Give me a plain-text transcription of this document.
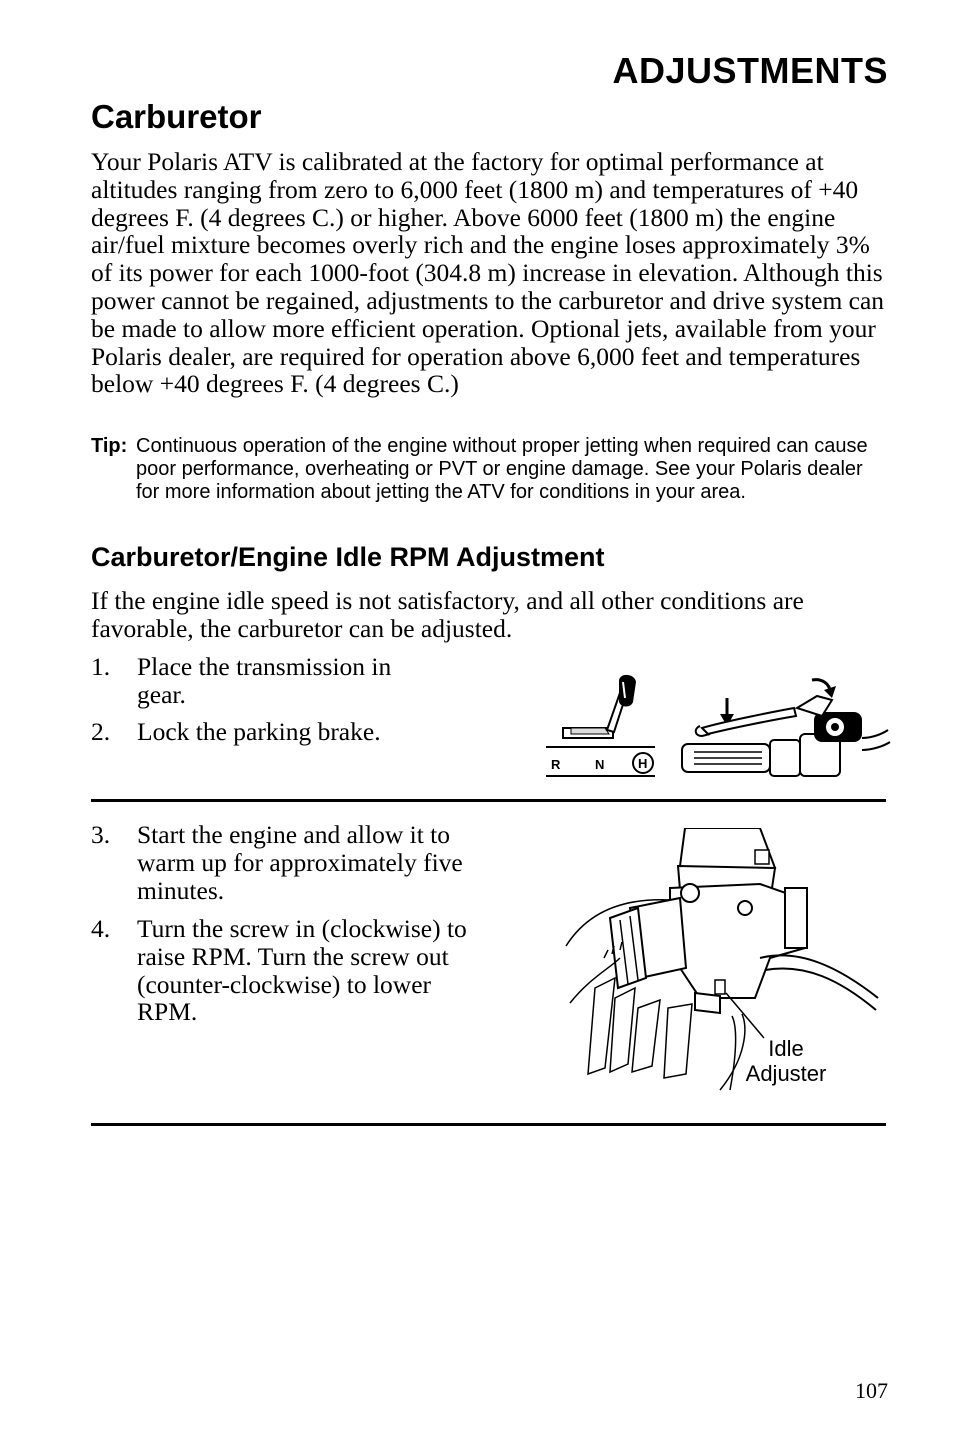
ADJUSTMENTS
Carburetor
Your Polaris ATV is calibrated at the factory for optimal performance at altitudes ranging from zero to 6,000 feet (1800 m) and temperatures of +40 degrees F. (4 degrees C.) or higher. Above 6000 feet (1800 m) the engine air/fuel mixture becomes overly rich and the engine loses approximately 3% of its power for each 1000-foot (304.8 m) increase in elevation. Although this power cannot be regained, adjustments to the carburetor and drive system can be made to allow more efficient operation. Optional jets, available from your Polaris dealer, are required for operation above 6,000 feet and temperatures below +40 degrees F. (4 degrees C.)
Tip: Continuous operation of the engine without proper jetting when required can cause poor performance, overheating or PVT or engine damage. See your Polaris dealer for more information about jetting the ATV for conditions in your area.
Carburetor/Engine Idle RPM Adjustment
If the engine idle speed is not satisfactory, and all other conditions are favorable, the carburetor can be adjusted.
1. Place the transmission in gear.
2. Lock the parking brake.
R	N	H
3. Start the engine and allow it to warm up for approximately five minutes.
4. Turn the screw in (clockwise) to raise RPM. Turn the screw out (counter-clockwise) to lower RPM.
Idle
Adjuster
107
